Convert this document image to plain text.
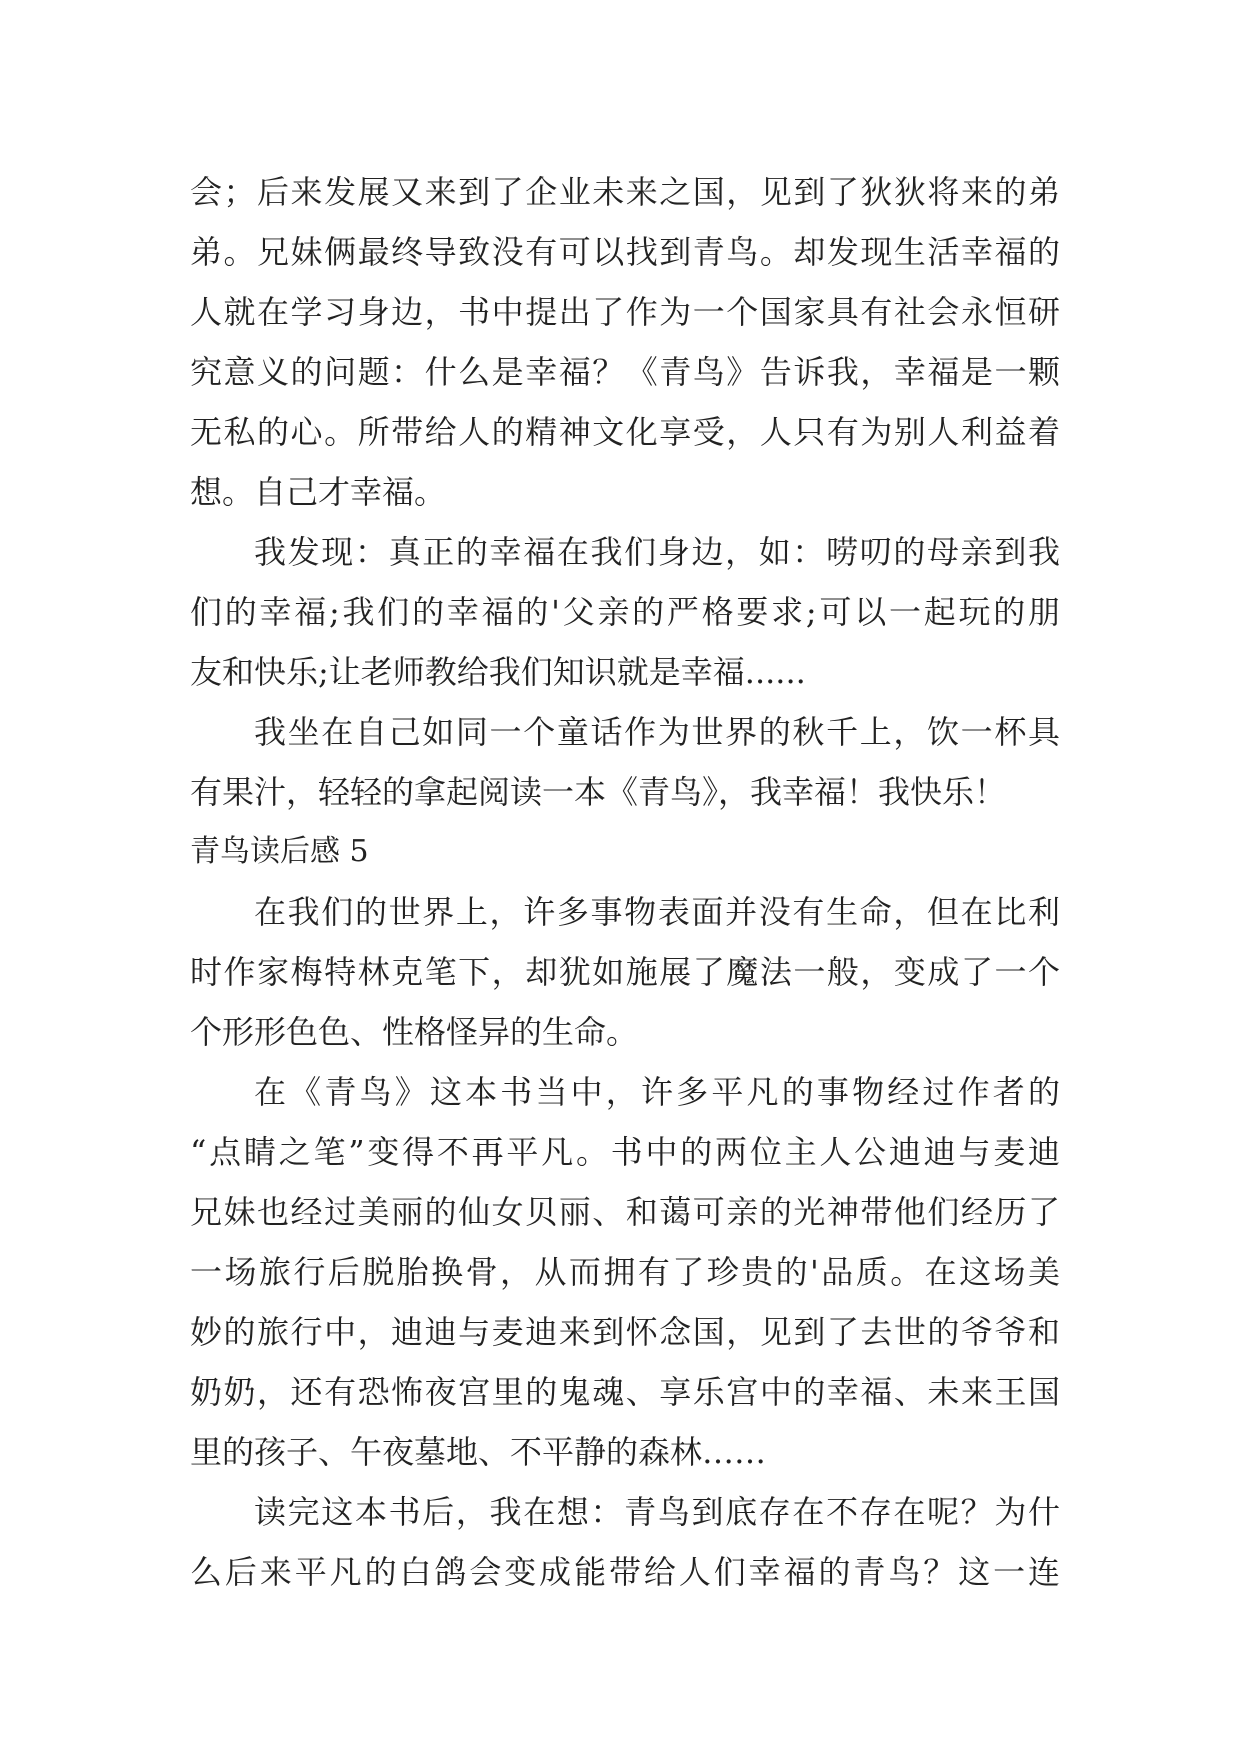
会；后来发展又来到了企业未来之国，见到了狄狄将来的弟
弟。兄妹俩最终导致没有可以找到青鸟。却发现生活幸福的
人就在学习身边，书中提出了作为一个国家具有社会永恒研
究意义的问题：什么是幸福？《青鸟》告诉我，幸福是一颗
无私的心。所带给人的精神文化享受，人只有为别人利益着
想。自己才幸福。
我发现：真正的幸福在我们身边，如：唠叨的母亲到我
们的幸福;我们的幸福的'父亲的严格要求;可以一起玩的朋
友和快乐;让老师教给我们知识就是幸福......
我坐在自己如同一个童话作为世界的秋千上，饮一杯具
有果汁，轻轻的拿起阅读一本《青鸟》，我幸福！我快乐！
青鸟读后感 5
在我们的世界上，许多事物表面并没有生命，但在比利
时作家梅特林克笔下，却犹如施展了魔法一般，变成了一个
个形形色色、性格怪异的生命。
在《青鸟》这本书当中，许多平凡的事物经过作者的
“点睛之笔”变得不再平凡。书中的两位主人公迪迪与麦迪
兄妹也经过美丽的仙女贝丽、和蔼可亲的光神带他们经历了
一场旅行后脱胎换骨，从而拥有了珍贵的'品质。在这场美
妙的旅行中，迪迪与麦迪来到怀念国，见到了去世的爷爷和
奶奶，还有恐怖夜宫里的鬼魂、享乐宫中的幸福、未来王国
里的孩子、午夜墓地、不平静的森林……
读完这本书后，我在想：青鸟到底存在不存在呢？为什
么后来平凡的白鸽会变成能带给人们幸福的青鸟？这一连
